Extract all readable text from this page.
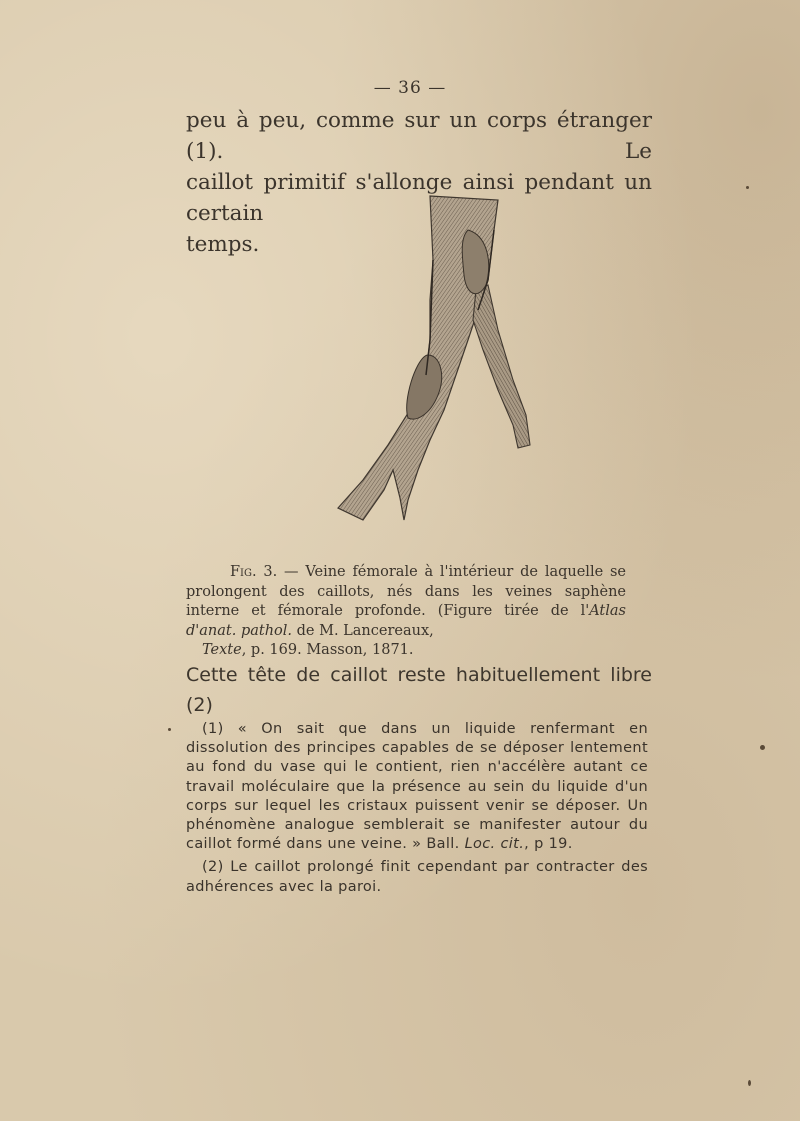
— 36 —
peu à peu, comme sur un corps étranger (1). Le
caillot primitif s'allonge ainsi pendant un certain
temps.
Fig. 3. — Veine fémorale à l'intérieur de laquelle se prolongent des caillots, nés dans les veines saphène interne et fémorale profonde. (Figure tirée de l'Atlas d'anat. pathol. de M. Lancereaux,
Texte, p. 169. Masson, 1871.

Cette tête de caillot reste habituellement libre (2)

(1) « On sait que dans un liquide renfermant en dissolution des principes capables de se déposer lentement au fond du vase qui le contient, rien n'accélère autant ce travail moléculaire que la présence au sein du liquide d'un corps sur lequel les cristaux puissent venir se déposer. Un phénomène analogue semblerait se manifester autour du caillot formé dans une veine. » Ball. Loc. cit., p 19.

(2) Le caillot prolongé finit cependant par contracter des adhérences avec la paroi.
